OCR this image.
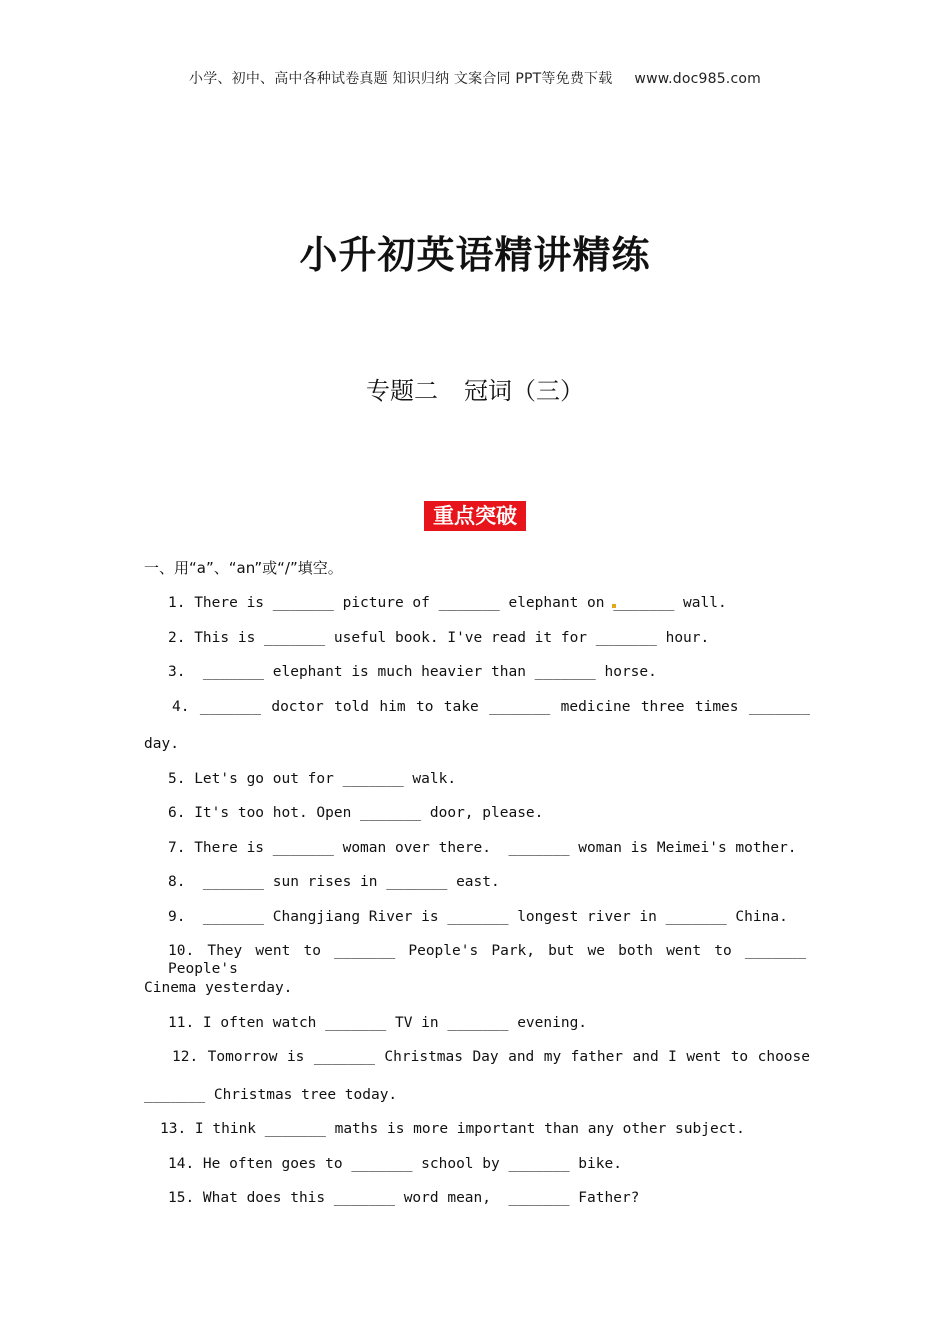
小学、初中、高中各种试卷真题 知识归纳 文案合同 PPT等免费下载 www.doc985.com
小升初英语精讲精练
专题二 冠词（三）
重点突破
一、用“a”、“an”或“/”填空。
1. There is _______ picture of _______ elephant on _______ wall.
2. This is _______ useful book. I've read it for _______ hour.
3.  _______ elephant is much heavier than _______ horse.
4. _______ doctor told him to take _______ medicine three times _______
day.
5. Let's go out for _______ walk.
6. It's too hot. Open _______ door, please.
7. There is _______ woman over there.  _______ woman is Meimei's mother.
8.  _______ sun rises in _______ east.
9.  _______ Changjiang River is _______ longest river in _______ China.
10. They went to _______ People's Park, but we both went to _______ People's
Cinema yesterday.
11. I often watch _______ TV in _______ evening.
12. Tomorrow is _______ Christmas Day and my father and I went to choose
_______ Christmas tree today.
13. I think _______ maths is more important than any other subject.
14. He often goes to _______ school by _______ bike.
15. What does this _______ word mean,  _______ Father?
